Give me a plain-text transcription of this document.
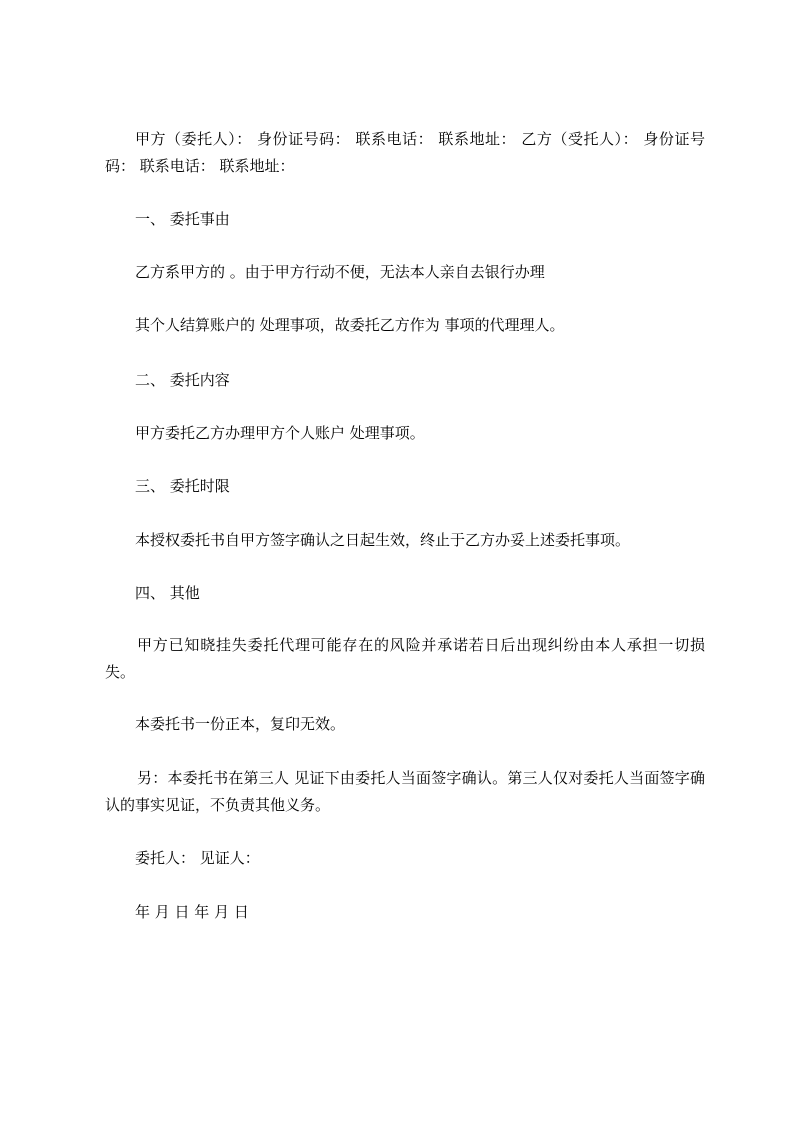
甲方（委托人）： 身份证号码： 联系电话： 联系地址： 乙方（受托人）： 身份证号码： 联系电话： 联系地址：

一、 委托事由

乙方系甲方的 。由于甲方行动不便，无法本人亲自去银行办理

其个人结算账户的 处理事项，故委托乙方作为 事项的代理理人。

二、 委托内容

甲方委托乙方办理甲方个人账户 处理事项。

三、 委托时限

本授权委托书自甲方签字确认之日起生效，终止于乙方办妥上述委托事项。

四、 其他

甲方已知晓挂失委托代理可能存在的风险并承诺若日后出现纠纷由本人承担一切损失。

本委托书一份正本，复印无效。

另：本委托书在第三人 见证下由委托人当面签字确认。第三人仅对委托人当面签字确认的事实见证，不负责其他义务。

委托人： 见证人：

年 月 日 年 月 日
